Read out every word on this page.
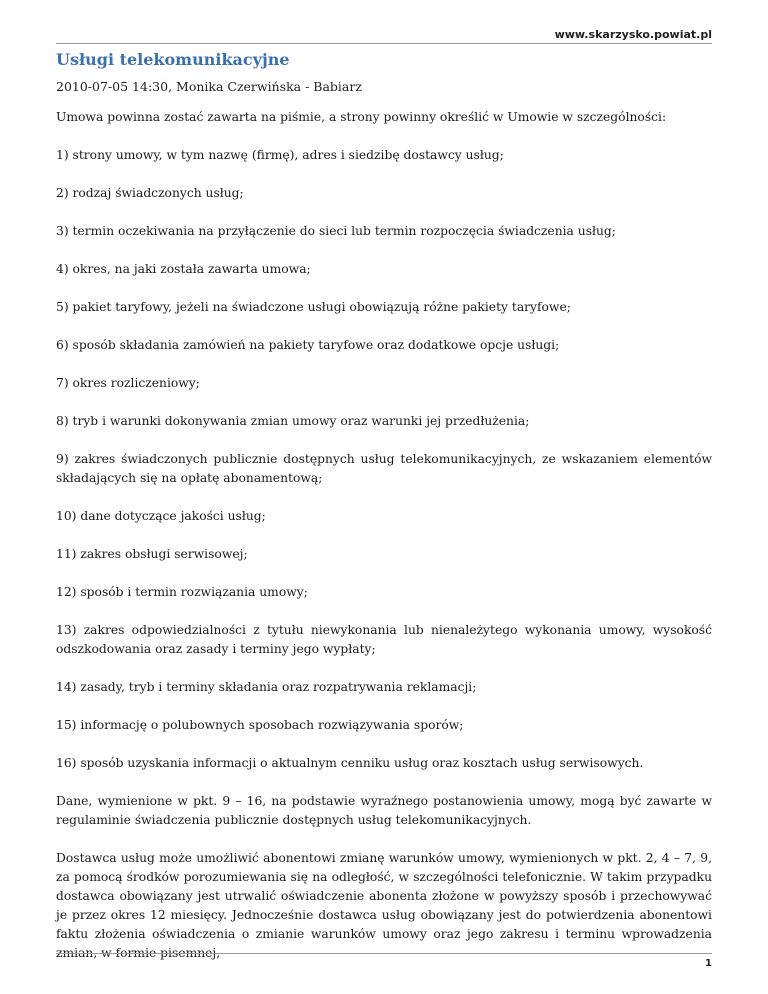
www.skarzysko.powiat.pl
Usługi telekomunikacyjne
2010-07-05 14:30, Monika Czerwińska - Babiarz

Umowa powinna zostać zawarta na piśmie, a strony powinny określić w Umowie w szczególności:

1) strony umowy, w tym nazwę (firmę), adres i siedzibę dostawcy usług;

2) rodzaj świadczonych usług;

3) termin oczekiwania na przyłączenie do sieci lub termin rozpoczęcia świadczenia usług;

4) okres, na jaki została zawarta umowa;

5) pakiet taryfowy, jeżeli na świadczone usługi obowiązują różne pakiety taryfowe;

6) sposób składania zamówień na pakiety taryfowe oraz dodatkowe opcje usługi;

7) okres rozliczeniowy;

8) tryb i warunki dokonywania zmian umowy oraz warunki jej przedłużenia;

9) zakres świadczonych publicznie dostępnych usług telekomunikacyjnych, ze wskazaniem elementów składających się na opłatę abonamentową;

10) dane dotyczące jakości usług;

11) zakres obsługi serwisowej;

12) sposób i termin rozwiązania umowy;

13) zakres odpowiedzialności z tytułu niewykonania lub nienależytego wykonania umowy, wysokość odszkodowania oraz zasady i terminy jego wypłaty;

14) zasady, tryb i terminy składania oraz rozpatrywania reklamacji;

15) informację o polubownych sposobach rozwiązywania sporów;

16) sposób uzyskania informacji o aktualnym cenniku usług oraz kosztach usług serwisowych.

Dane, wymienione w pkt. 9 – 16, na podstawie wyraźnego postanowienia umowy, mogą być zawarte w regulaminie świadczenia publicznie dostępnych usług telekomunikacyjnych.

Dostawca usług może umożliwić abonentowi zmianę warunków umowy, wymienionych w pkt. 2, 4 – 7, 9, za pomocą środków porozumiewania się na odległość, w szczególności telefonicznie. W takim przypadku dostawca obowiązany jest utrwalić oświadczenie abonenta złożone w powyższy sposób i przechowywać je przez okres 12 miesięcy. Jednocześnie dostawca usług obowiązany jest do potwierdzenia abonentowi faktu złożenia oświadczenia o zmianie warunków umowy oraz jego zakresu i terminu wprowadzenia zmian, w formie pisemnej,

1
